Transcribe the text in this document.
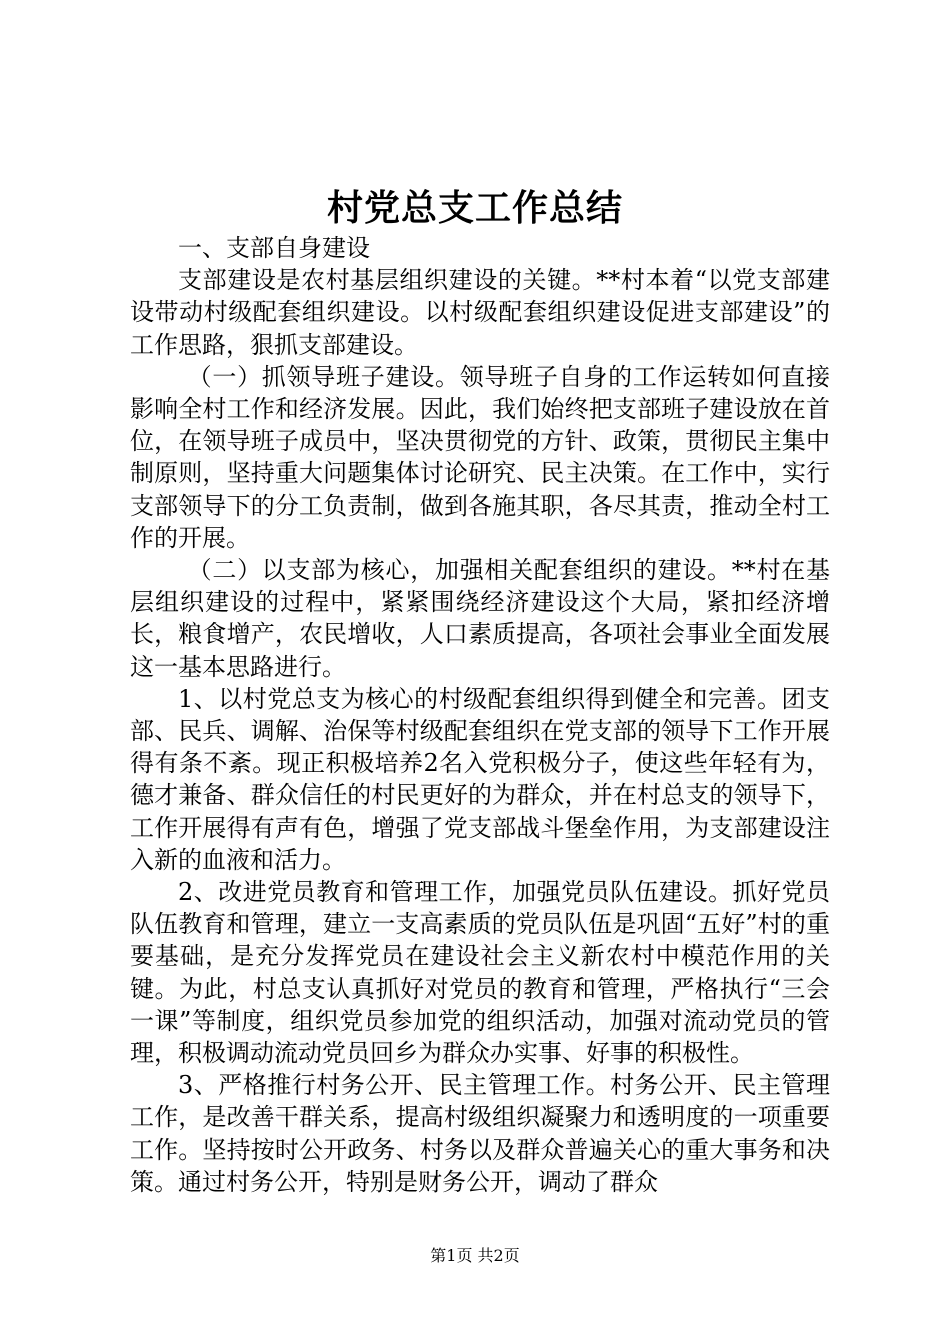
村党总支工作总结

一、支部自身建设

支部建设是农村基层组织建设的关键。**村本着“以党支部建设带动村级配套组织建设。以村级配套组织建设促进支部建设”的工作思路，狠抓支部建设。

（一）抓领导班子建设。领导班子自身的工作运转如何直接影响全村工作和经济发展。因此，我们始终把支部班子建设放在首位，在领导班子成员中，坚决贯彻党的方针、政策，贯彻民主集中制原则，坚持重大问题集体讨论研究、民主决策。在工作中，实行支部领导下的分工负责制，做到各施其职，各尽其责，推动全村工作的开展。

（二）以支部为核心，加强相关配套组织的建设。**村在基层组织建设的过程中，紧紧围绕经济建设这个大局，紧扣经济增长，粮食增产，农民增收，人口素质提高，各项社会事业全面发展这一基本思路进行。

1、以村党总支为核心的村级配套组织得到健全和完善。团支部、民兵、调解、治保等村级配套组织在党支部的领导下工作开展得有条不紊。现正积极培养2名入党积极分子，使这些年轻有为，德才兼备、群众信任的村民更好的为群众，并在村总支的领导下，工作开展得有声有色，增强了党支部战斗堡垒作用，为支部建设注入新的血液和活力。

2、改进党员教育和管理工作，加强党员队伍建设。抓好党员队伍教育和管理，建立一支高素质的党员队伍是巩固“五好”村的重要基础，是充分发挥党员在建设社会主义新农村中模范作用的关键。为此，村总支认真抓好对党员的教育和管理，严格执行“三会一课”等制度，组织党员参加党的组织活动，加强对流动党员的管理，积极调动流动党员回乡为群众办实事、好事的积极性。

3、严格推行村务公开、民主管理工作。村务公开、民主管理工作，是改善干群关系，提高村级组织凝聚力和透明度的一项重要工作。坚持按时公开政务、村务以及群众普遍关心的重大事务和决策。通过村务公开，特别是财务公开，调动了群众

第1页 共2页
